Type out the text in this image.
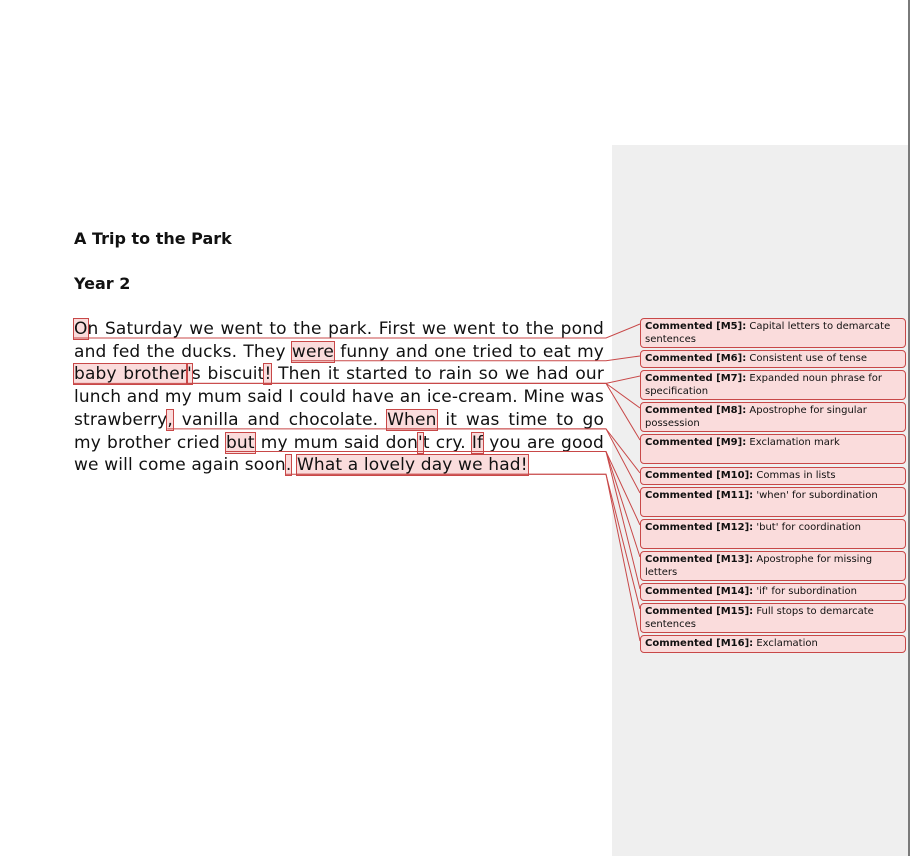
A Trip to the Park
Year 2

On Saturday we went to the park. First we went to the pond and fed the ducks. They were funny and one tried to eat my baby brother's biscuit! Then it started to rain so we had our lunch and my mum said I could have an ice-cream. Mine was strawberry, vanilla and chocolate. When it was time to go my brother cried but my mum said don't cry. If you are good we will come again soon. What a lovely day we had!

Commented [M5]: Capital letters to demarcate sentences
Commented [M6]: Consistent use of tense
Commented [M7]: Expanded noun phrase for specification
Commented [M8]: Apostrophe for singular possession
Commented [M9]: Exclamation mark
Commented [M10]: Commas in lists
Commented [M11]: 'when' for subordination
Commented [M12]: 'but' for coordination
Commented [M13]: Apostrophe for missing letters
Commented [M14]: 'if' for subordination
Commented [M15]: Full stops to demarcate sentences
Commented [M16]: Exclamation
